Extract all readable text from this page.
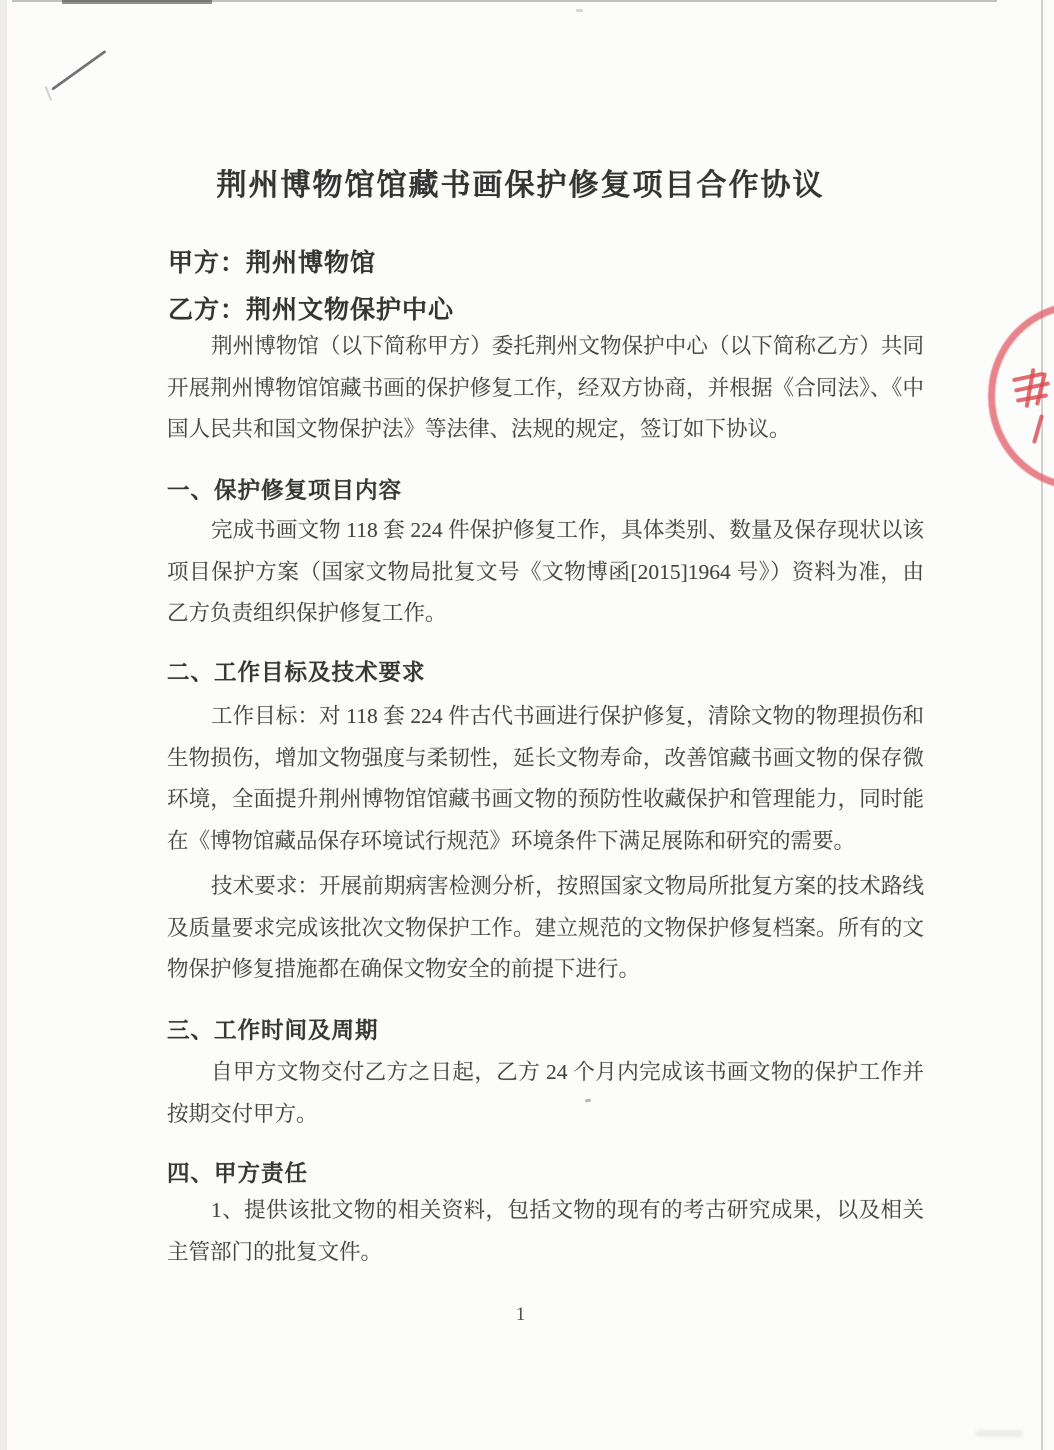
荆州博物馆馆藏书画保护修复项目合作协议
甲方：荆州博物馆
乙方：荆州文物保护中心
荆州博物馆（以下简称甲方）委托荆州文物保护中心（以下简称乙方）共同
开展荆州博物馆馆藏书画的保护修复工作，经双方协商，并根据《合同法》、《中
国人民共和国文物保护法》等法律、法规的规定，签订如下协议。
一、保护修复项目内容
完成书画文物 118 套 224 件保护修复工作，具体类别、数量及保存现状以该
项目保护方案（国家文物局批复文号《文物博函[2015]1964 号》）资料为准，由
乙方负责组织保护修复工作。
二、工作目标及技术要求
工作目标：对 118 套 224 件古代书画进行保护修复，清除文物的物理损伤和
生物损伤，增加文物强度与柔韧性，延长文物寿命，改善馆藏书画文物的保存微
环境，全面提升荆州博物馆馆藏书画文物的预防性收藏保护和管理能力，同时能
在《博物馆藏品保存环境试行规范》环境条件下满足展陈和研究的需要。
技术要求：开展前期病害检测分析，按照国家文物局所批复方案的技术路线
及质量要求完成该批次文物保护工作。建立规范的文物保护修复档案。所有的文
物保护修复措施都在确保文物安全的前提下进行。
三、工作时间及周期
自甲方文物交付乙方之日起，乙方 24 个月内完成该书画文物的保护工作并
按期交付甲方。
四、甲方责任
1、提供该批文物的相关资料，包括文物的现有的考古研究成果，以及相关
主管部门的批复文件。
1
